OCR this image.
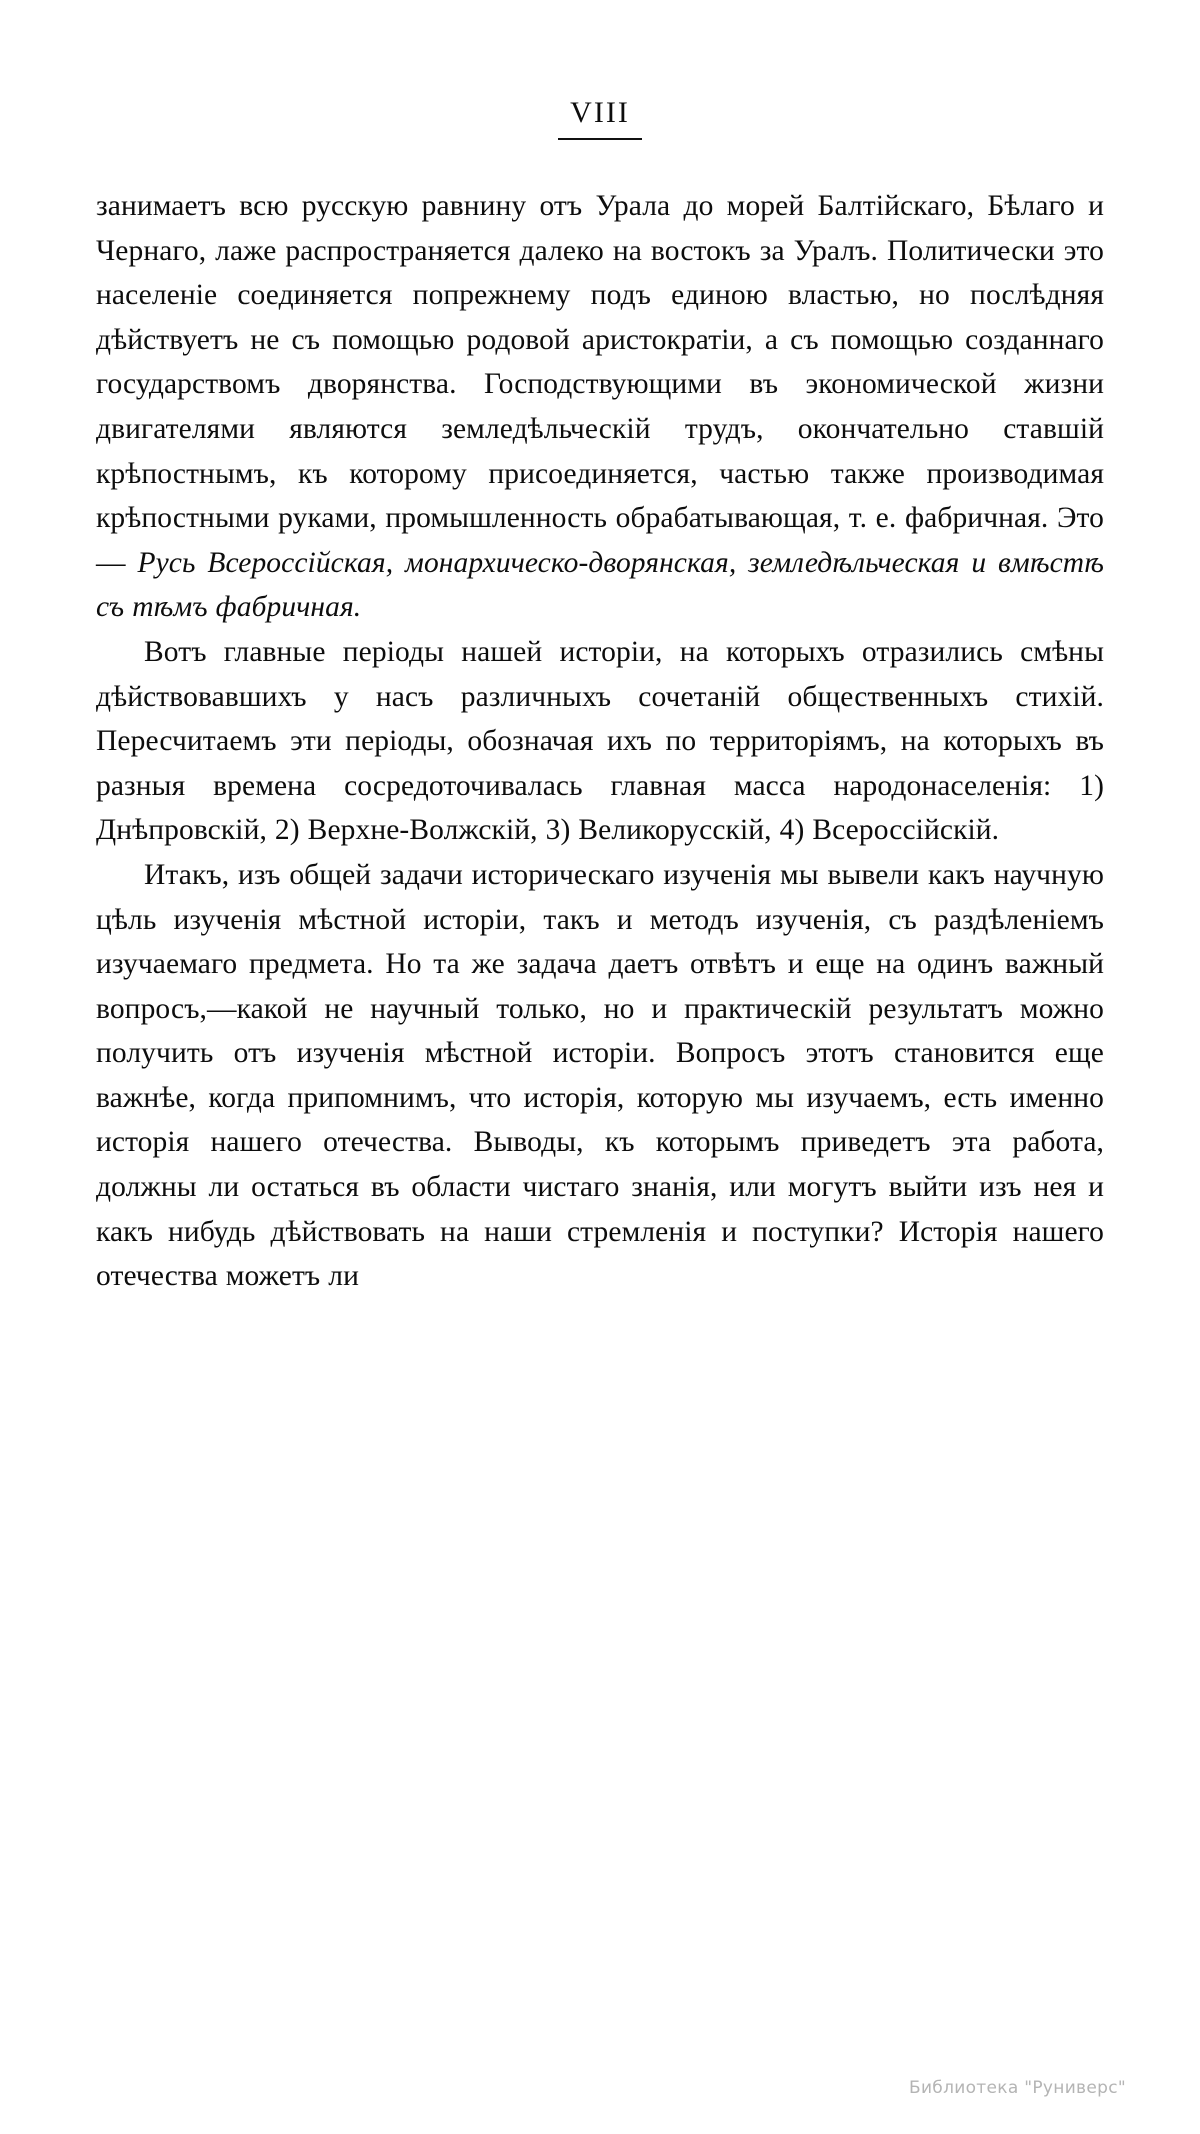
VIII

занимаетъ всю русскую равнину отъ Урала до морей Балтійскаго, Бѣлаго и Чернаго, лаже распространяется далеко на востокъ за Уралъ. Политически это населеніе соединяется попрежнему подъ единою властью, но послѣдняя дѣйствуетъ не съ помощью родовой аристократіи, а съ помощью созданнаго государствомъ дворянства. Господствующими въ экономической жизни двигателями являются земледѣльческій трудъ, окончательно ставшій крѣпостнымъ, къ которому присоединяется, частью также производимая крѣпостными руками, промышленность обрабатывающая, т. е. фабричная. Это — Русь Всероссійская, монархическо-дворянская, земледѣльческая и вмѣстѣ съ тѣмъ фабричная.

Вотъ главные періоды нашей исторіи, на которыхъ отразились смѣны дѣйствовавшихъ у насъ различныхъ сочетаній общественныхъ стихій. Пересчитаемъ эти періоды, обозначая ихъ по территоріямъ, на которыхъ въ разныя времена сосредоточивалась главная масса народонаселенія: 1) Днѣпровскій, 2) Верхне-Волжскій, 3) Великорусскій, 4) Всероссійскій.

Итакъ, изъ общей задачи историческаго изученія мы вывели какъ научную цѣль изученія мѣстной исторіи, такъ и методъ изученія, съ раздѣленіемъ изучаемаго предмета. Но та же задача даетъ отвѣтъ и еще на одинъ важный вопросъ,—какой не научный только, но и практическій результатъ можно получить отъ изученія мѣстной исторіи. Вопросъ этотъ становится еще важнѣе, когда припомнимъ, что исторія, которую мы изучаемъ, есть именно исторія нашего отечества. Выводы, къ которымъ приведетъ эта работа, должны ли остаться въ области чистаго знанія, или могутъ выйти изъ нея и какъ нибудь дѣйствовать на наши стремленія и поступки? Исторія нашего отечества можетъ ли

Библиотека "Руниверс"
